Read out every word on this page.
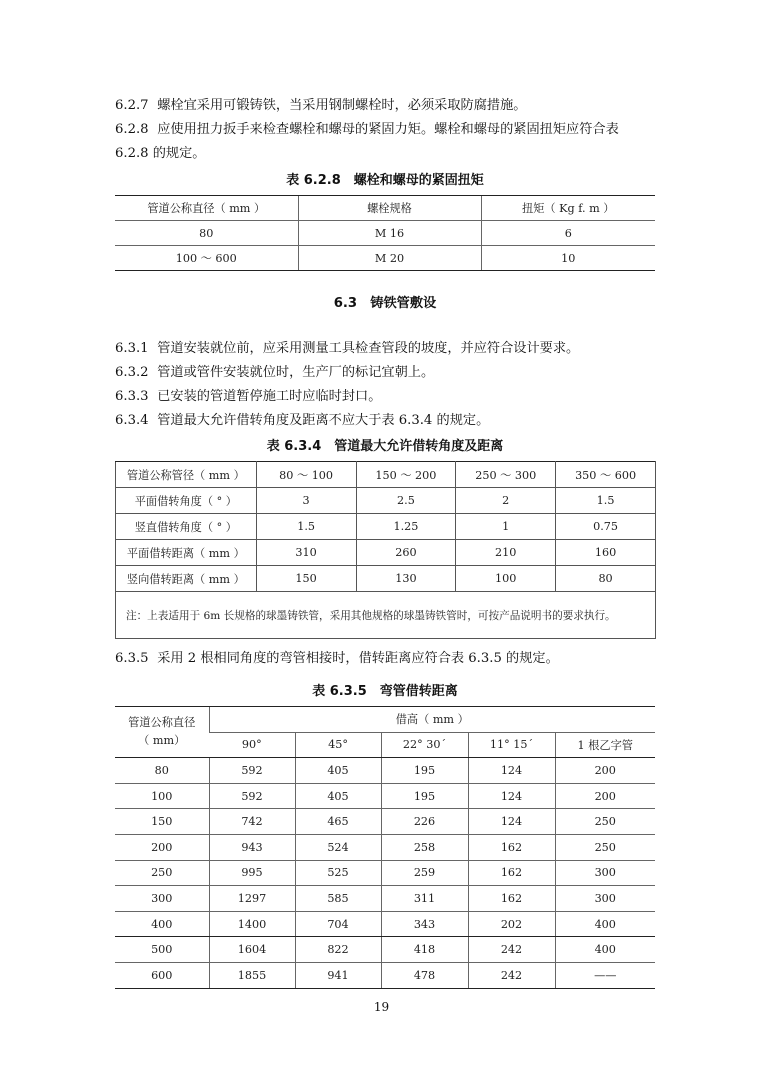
6.2.7 螺栓宜采用可锻铸铁，当采用钢制螺栓时，必须采取防腐措施。
6.2.8 应使用扭力扳手来检查螺栓和螺母的紧固力矩。螺栓和螺母的紧固扭矩应符合表
6.2.8 的规定。
表 6.2.8　螺栓和螺母的紧固扭矩
管道公称直径（ mm ）	螺栓规格	扭矩（ Kg f. m ）
80	M 16	6
100 ～ 600	M 20	10
6.3　铸铁管敷设
6.3.1 管道安装就位前，应采用测量工具检查管段的坡度，并应符合设计要求。
6.3.2 管道或管件安装就位时，生产厂的标记宜朝上。
6.3.3 已安装的管道暂停施工时应临时封口。
6.3.4 管道最大允许借转角度及距离不应大于表 6.3.4 的规定。
表 6.3.4　管道最大允许借转角度及距离
管道公称管径（ mm ）	80 ～ 100	150 ～ 200	250 ～ 300	350 ～ 600
平面借转角度（ ° ）	3	2.5	2	1.5
竖直借转角度（ ° ）	1.5	1.25	1	0.75
平面借转距离（ mm ）	310	260	210	160
竖向借转距离（ mm ）	150	130	100	80
注：上表适用于 6m 长规格的球墨铸铁管，采用其他规格的球墨铸铁管时，可按产品说明书的要求执行。				
6.3.5 采用 2 根相同角度的弯管相接时，借转距离应符合表 6.3.5 的规定。
表 6.3.5　弯管借转距离
管道公称直径
（ mm）	借高（ mm ）				
	90°	45°	22° 30´	11° 15´	1 根乙字管
80	592	405	195	124	200
100	592	405	195	124	200
150	742	465	226	124	250
200	943	524	258	162	250
250	995	525	259	162	300
300	1297	585	311	162	300
400	1400	704	343	202	400
500	1604	822	418	242	400
600	1855	941	478	242	——
19
